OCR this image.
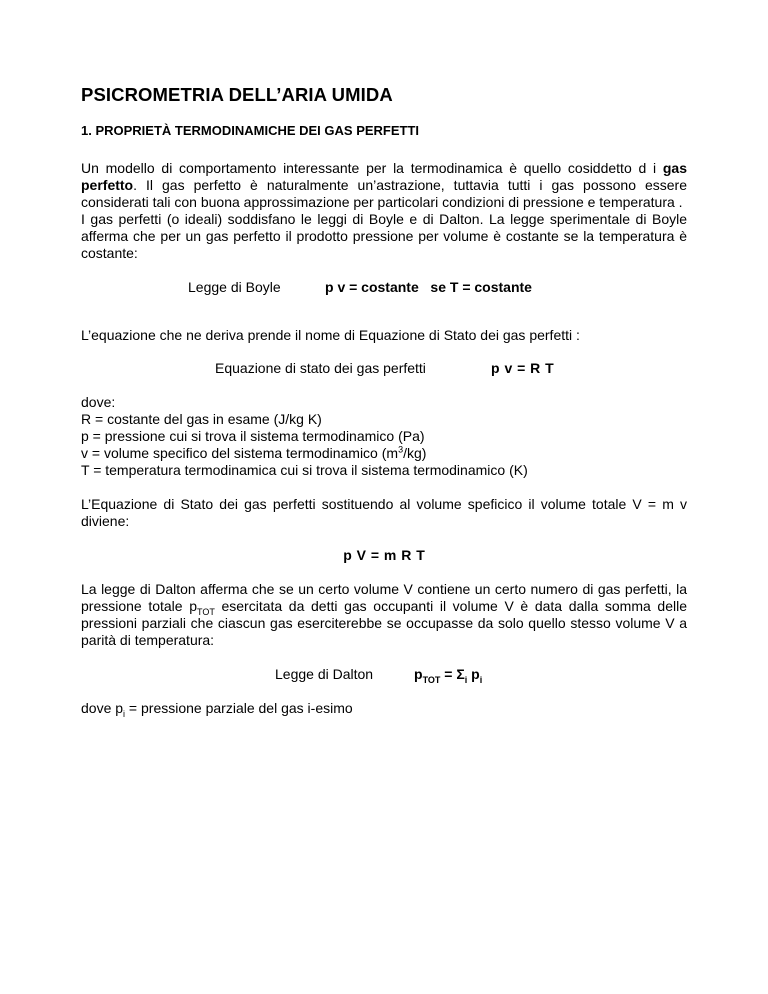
PSICROMETRIA DELL’ARIA UMIDA
1. PROPRIETÀ TERMODINAMICHE DEI GAS PERFETTI

Un modello di comportamento interessante per la termodinamica è quello cosiddetto d i gas perfetto. Il gas perfetto è naturalmente un’astrazione, tuttavia tutti i gas possono essere considerati tali con buona approssimazione per particolari condizioni di pressione e temperatura .

I gas perfetti (o ideali) soddisfano le leggi di Boyle e di Dalton. La legge sperimentale di Boyle afferma che per un gas perfetto il prodotto pressione per volume è costante se la temperatura è costante:

Legge di Boyle	p v = costante   se T = costante

L’equazione che ne deriva prende il nome di Equazione di Stato dei gas perfetti :

Equazione di stato dei gas perfetti	p v = R T

dove:

R = costante del gas in esame (J/kg K)

p = pressione cui si trova il sistema termodinamico (Pa)

v = volume specifico del sistema termodinamico $(m^3/kg)$

T = temperatura termodinamica cui si trova il sistema termodinamico (K)

L’Equazione di Stato dei gas perfetti sostituendo al volume speficico il volume totale V = m v diviene:

p V = m R T

La legge di Dalton afferma che se un certo volume V contiene un certo numero di gas perfetti, la pressione totale $p_{TOT}$ esercitata da detti gas occupanti il volume V è data dalla somma delle pressioni parziali che ciascun gas eserciterebbe se occupasse da solo quello stesso volume V a parità di temperatura:

Legge di Dalton	$p_{TOT} = \Sigma_i$ $p_i$

dove $p_i$ = pressione parziale del gas i-esimo
